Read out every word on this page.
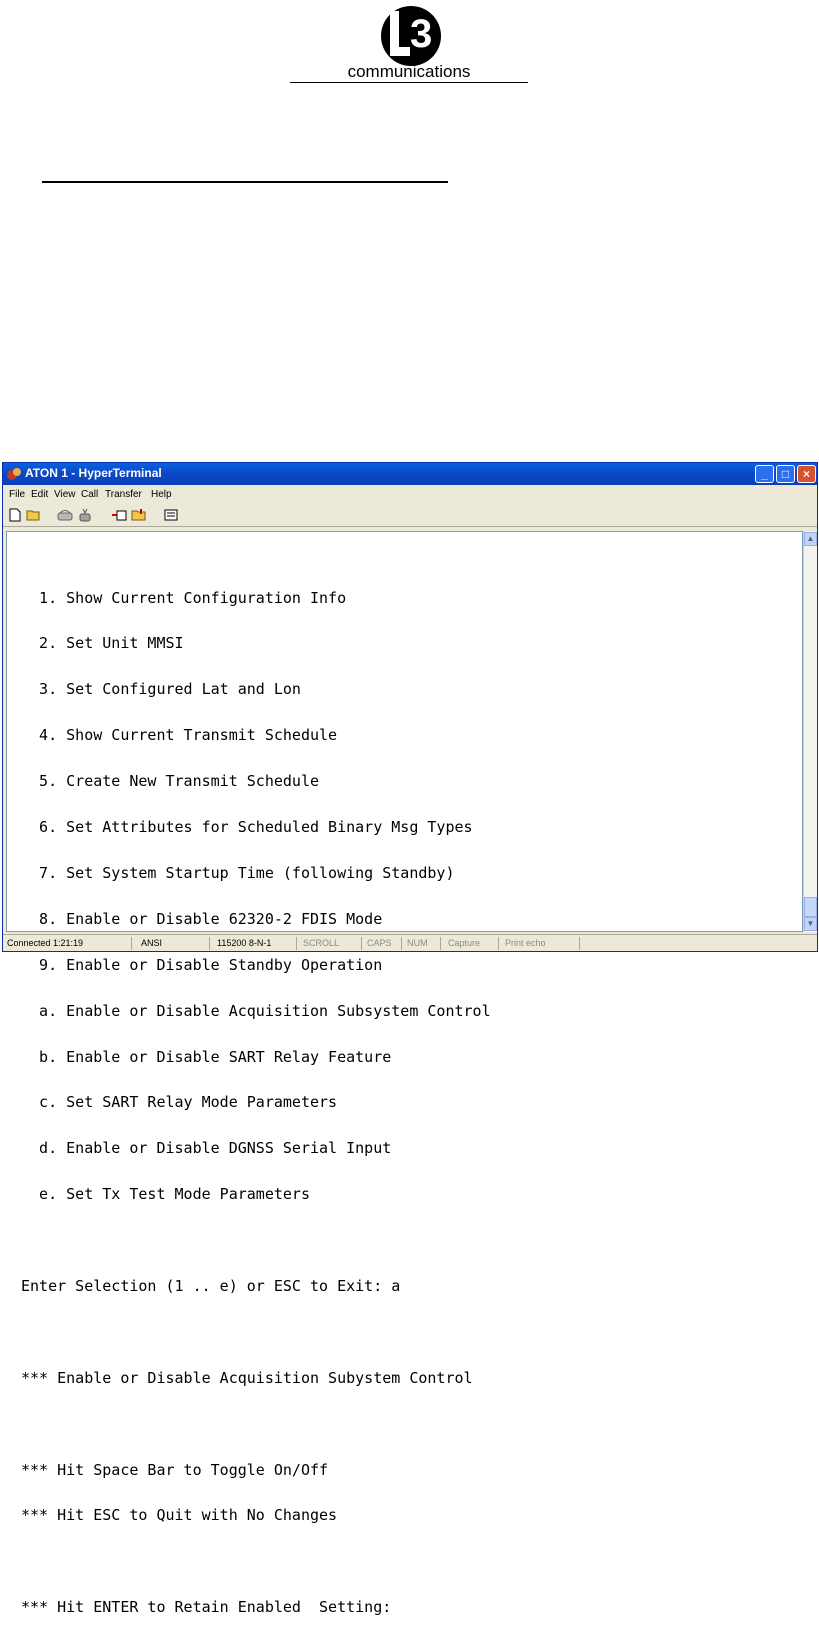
3
communications
ATON 1 - HyperTerminal	_	□	×
File Edit View Call Transfer Help

1. Show Current Configuration Info

2. Set Unit MMSI

3. Set Configured Lat and Lon

4. Show Current Transmit Schedule

5. Create New Transmit Schedule

6. Set Attributes for Scheduled Binary Msg Types

7. Set System Startup Time (following Standby)

8. Enable or Disable 62320-2 FDIS Mode

9. Enable or Disable Standby Operation

a. Enable or Disable Acquisition Subsystem Control

b. Enable or Disable SART Relay Feature

c. Set SART Relay Mode Parameters

d. Enable or Disable DGNSS Serial Input

e. Set Tx Test Mode Parameters

Enter Selection (1 .. e) or ESC to Exit: a

*** Enable or Disable Acquisition Subystem Control

*** Hit Space Bar to Toggle On/Off

*** Hit ESC to Quit with No Changes

*** Hit ENTER to Retain Enabled  Setting:

▲
▼
Connected 1:21:19	ANSI	115200 8-N-1	SCROLL	CAPS NUM Capture	Print echo
